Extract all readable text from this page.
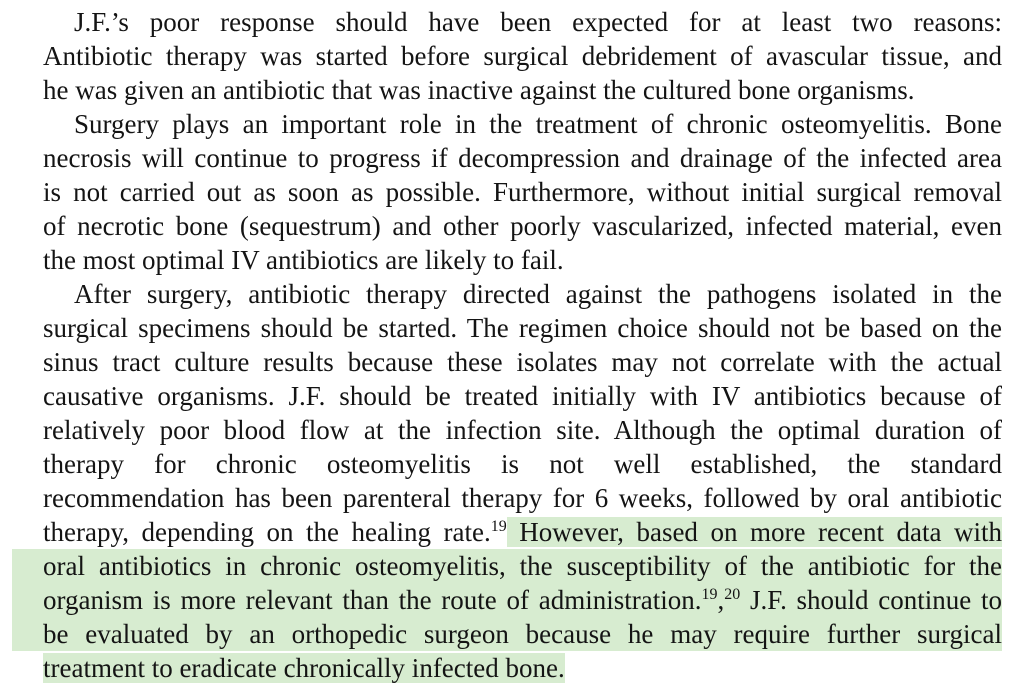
J.F.’s poor response should have been expected for at least two reasons:
Antibiotic therapy was started before surgical debridement of avascular tissue, and
he was given an antibiotic that was inactive against the cultured bone organisms.
Surgery plays an important role in the treatment of chronic osteomyelitis. Bone
necrosis will continue to progress if decompression and drainage of the infected area
is not carried out as soon as possible. Furthermore, without initial surgical removal
of necrotic bone (sequestrum) and other poorly vascularized, infected material, even
the most optimal IV antibiotics are likely to fail.
After surgery, antibiotic therapy directed against the pathogens isolated in the
surgical specimens should be started. The regimen choice should not be based on the
sinus tract culture results because these isolates may not correlate with the actual
causative organisms. J.F. should be treated initially with IV antibiotics because of
relatively poor blood flow at the infection site. Although the optimal duration of
therapy for chronic osteomyelitis is not well established, the standard
recommendation has been parenteral therapy for 6 weeks, followed by oral antibiotic
therapy, depending on the healing rate.$^{19}$ However, based on more recent data with
oral antibiotics in chronic osteomyelitis, the susceptibility of the antibiotic for the
organism is more relevant than the route of administration.$^{19}$,$^{20}$ J.F. should continue to
be evaluated by an orthopedic surgeon because he may require further surgical
treatment to eradicate chronically infected bone.
